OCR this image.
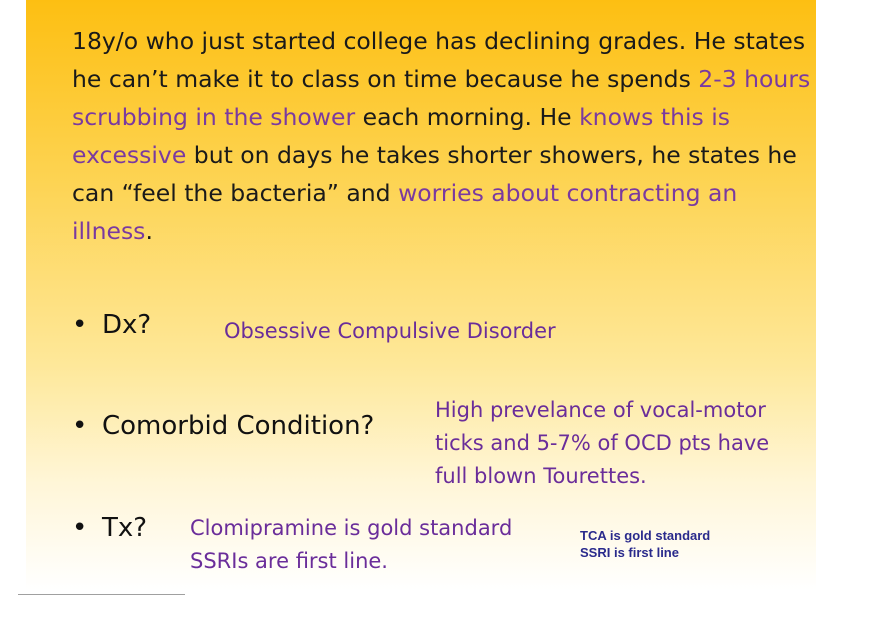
18y/o who just started college has declining grades. He states he can’t make it to class on time because he spends 2-3 hours scrubbing in the shower each morning. He knows this is excessive but on days he takes shorter showers, he states he can “feel the bacteria” and worries about contracting an illness.

• Dx?	Obsessive Compulsive Disorder
• Comorbid Condition?
High prevelance of vocal-motor
ticks and 5-7% of OCD pts have
full blown Tourettes.
• Tx? Clomipramine is gold standard
SSRIs are first line.
TCA is gold standard
SSRI is first line
